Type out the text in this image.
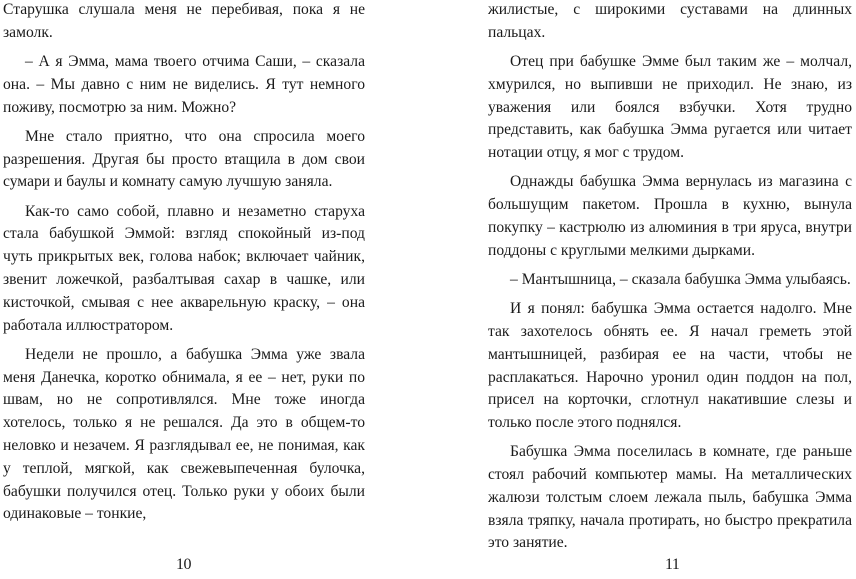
Старушка слушала меня не перебивая, пока я не замолк.

– А я Эмма, мама твоего отчима Саши, – сказала она. – Мы давно с ним не виделись. Я тут немного поживу, посмотрю за ним. Можно?

Мне стало приятно, что она спросила моего разрешения. Другая бы просто втащила в дом свои сумари и баулы и комнату самую лучшую заняла.

Как-то само собой, плавно и незаметно старуха стала бабушкой Эммой: взгляд спокойный из-под чуть прикрытых век, голова набок; включает чайник, звенит ложечкой, разбалтывая сахар в чашке, или кисточкой, смывая с нее акварельную краску, – она работала иллюстратором.

Недели не прошло, а бабушка Эмма уже звала меня Данечка, коротко обнимала, я ее – нет, руки по швам, но не сопротивлялся. Мне тоже иногда хотелось, только я не решался. Да это в общем-то неловко и незачем. Я разглядывал ее, не понимая, как у теплой, мягкой, как свежевыпеченная булочка, бабушки получился отец. Только руки у обоих были одинаковые – тонкие,

10

жилистые, с широкими суставами на длинных пальцах.

Отец при бабушке Эмме был таким же – молчал, хмурился, но выпивши не приходил. Не знаю, из уважения или боялся взбучки. Хотя трудно представить, как бабушка Эмма ругается или читает нотации отцу, я мог с трудом.

Однажды бабушка Эмма вернулась из магазина с большущим пакетом. Прошла в кухню, вынула покупку – кастрюлю из алюминия в три яруса, внутри поддоны с круглыми мелкими дырками.

– Мантышница, – сказала бабушка Эмма улыбаясь.

И я понял: бабушка Эмма остается надолго. Мне так захотелось обнять ее. Я начал греметь этой мантышницей, разбирая ее на части, чтобы не расплакаться. Нарочно уронил один поддон на пол, присел на корточки, сглотнул накатившие слезы и только после этого поднялся.

Бабушка Эмма поселилась в комнате, где раньше стоял рабочий компьютер мамы. На металлических жалюзи толстым слоем лежала пыль, бабушка Эмма взяла тряпку, начала протирать, но быстро прекратила это занятие.

11
